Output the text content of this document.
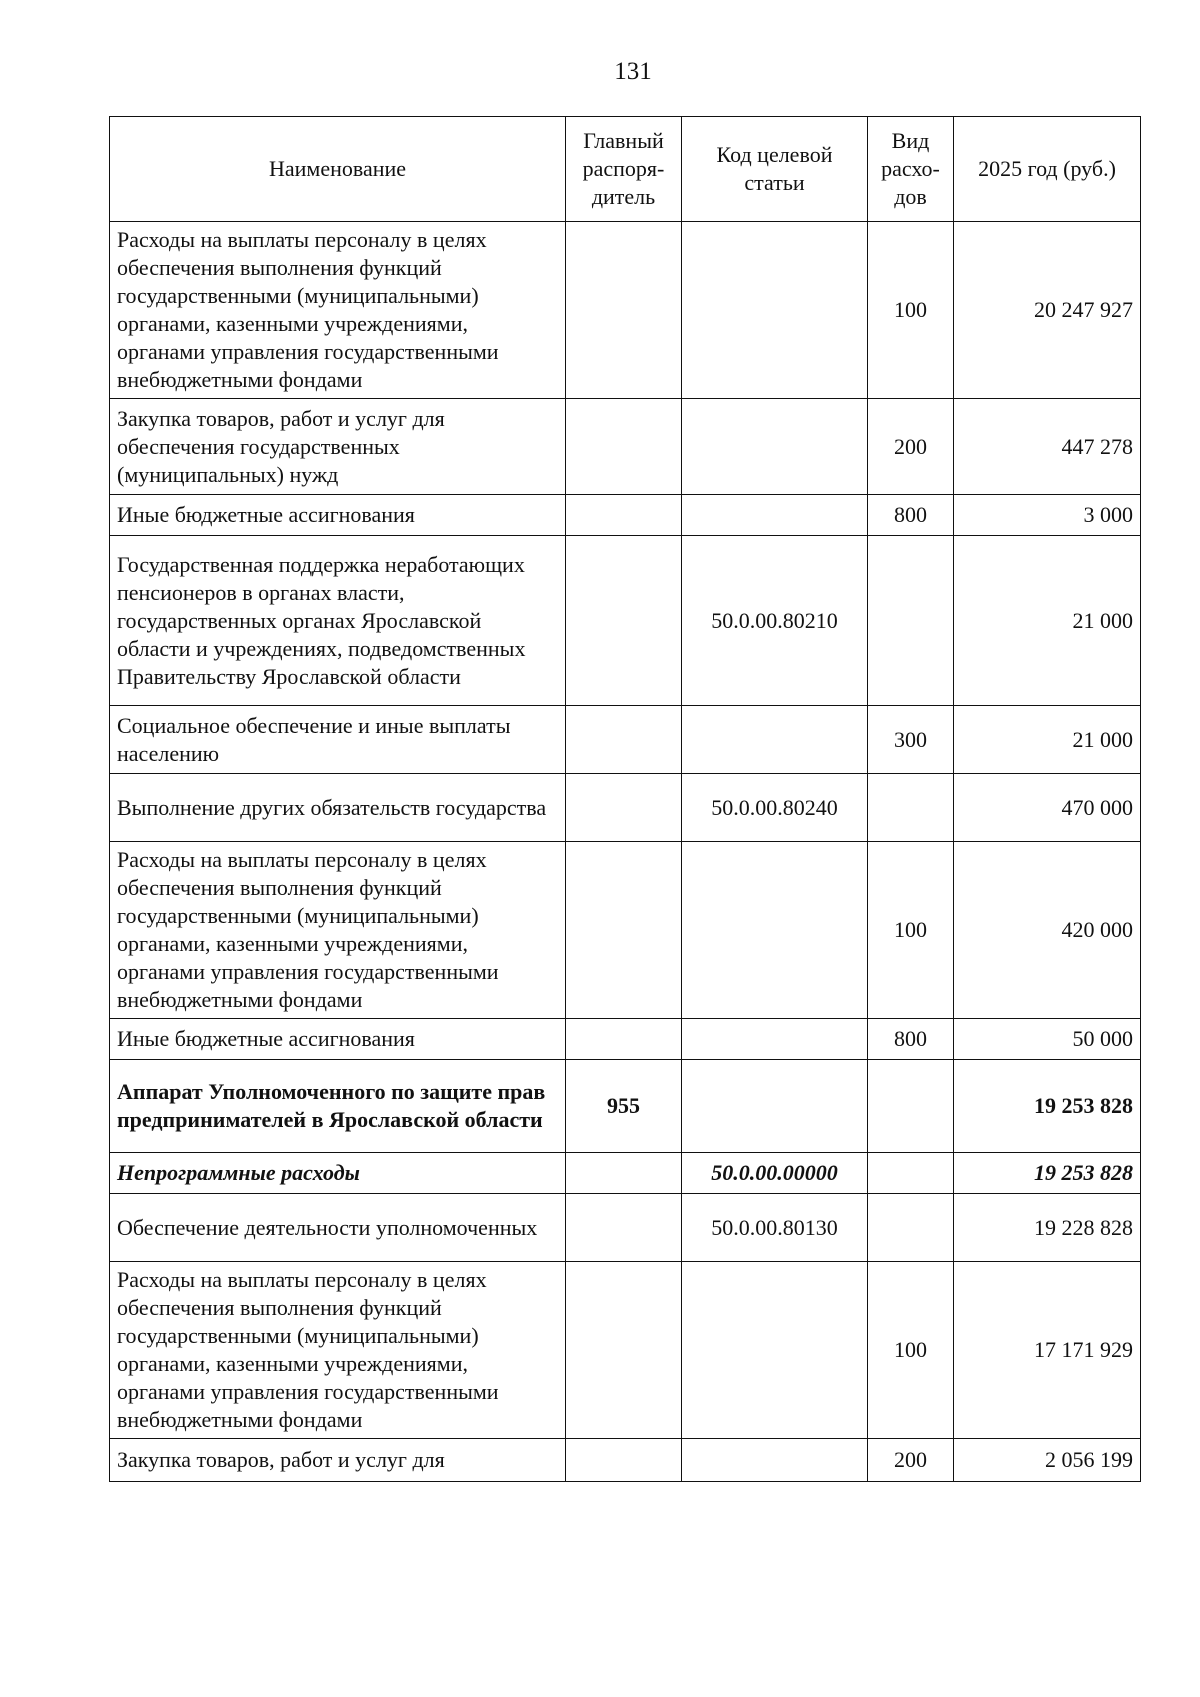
131
Наименование	Главный распоря-дитель	Код целевой статьи	Вид расхо-дов	2025 год (руб.)
Расходы на выплаты персоналу в целях обеспечения выполнения функций государственными (муниципальными) органами, казенными учреждениями, органами управления государственными внебюджетными фондами			100	20 247 927
Закупка товаров, работ и услуг для обеспечения государственных (муниципальных) нужд			200	447 278
Иные бюджетные ассигнования			800	3 000
Государственная поддержка неработающих пенсионеров в органах власти, государственных органах Ярославской области и учреждениях, подведомственных Правительству Ярославской области		50.0.00.80210		21 000
Социальное обеспечение и иные выплаты населению			300	21 000
Выполнение других обязательств государства		50.0.00.80240		470 000
Расходы на выплаты персоналу в целях обеспечения выполнения функций государственными (муниципальными) органами, казенными учреждениями, органами управления государственными внебюджетными фондами			100	420 000
Иные бюджетные ассигнования			800	50 000
Аппарат Уполномоченного по защите прав предпринимателей в Ярославской области	955			19 253 828
Непрограммные расходы		50.0.00.00000		19 253 828
Обеспечение деятельности уполномоченных		50.0.00.80130		19 228 828
Расходы на выплаты персоналу в целях обеспечения выполнения функций государственными (муниципальными) органами, казенными учреждениями, органами управления государственными внебюджетными фондами			100	17 171 929
Закупка товаров, работ и услуг для			200	2 056 199
